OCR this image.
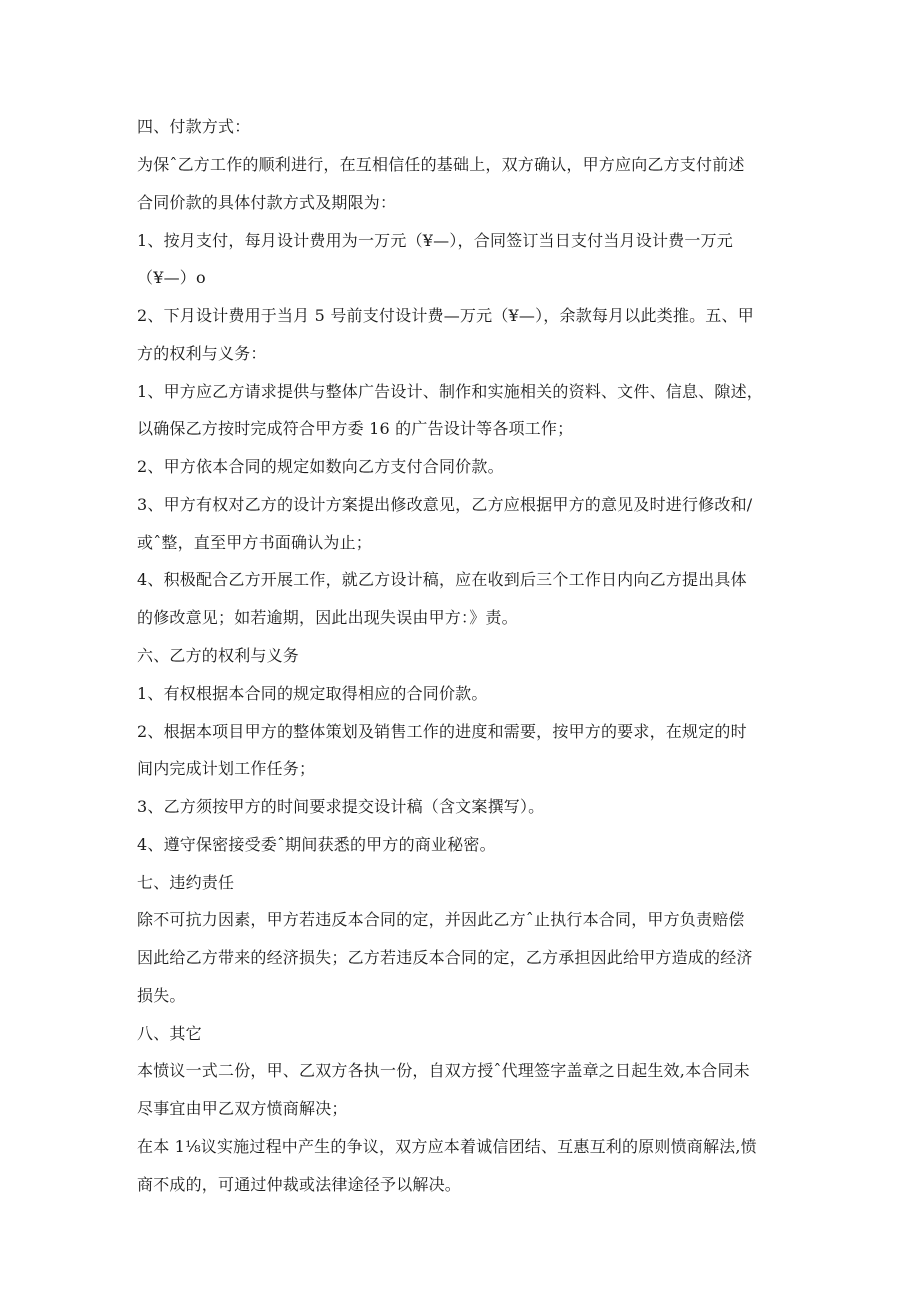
四、付款方式：
为保ˆ乙方工作的顺利进行，在互相信任的基础上，双方确认，甲方应向乙方支付前述
合同价款的具体付款方式及期限为：
1、按月支付，每月设计费用为一万元（¥—），合同签订当日支付当月设计费一万元
（¥—）o
2、下月设计费用于当月 5 号前支付设计费—万元（¥—），余款每月以此类推。五、甲
方的权利与义务：
1、甲方应乙方请求提供与整体广告设计、制作和实施相关的资料、文件、信息、隙述，
以确保乙方按时完成符合甲方委 16 的广告设计等各项工作；
2、甲方依本合同的规定如数向乙方支付合同价款。
3、甲方有权对乙方的设计方案提出修改意见，乙方应根据甲方的意见及时进行修改和/
或ˆ整，直至甲方书面确认为止；
4、积极配合乙方开展工作，就乙方设计稿，应在收到后三个工作日内向乙方提出具体
的修改意见；如若逾期，因此出现失误由甲方：》责。
六、乙方的权利与义务
1、有权根据本合同的规定取得相应的合同价款。
2、根据本项目甲方的整体策划及销售工作的进度和需要，按甲方的要求，在规定的时
间内完成计划工作任务；
3、乙方须按甲方的时间要求提交设计稿（含文案撰写）。
4、遵守保密接受委ˆ期间获悉的甲方的商业秘密。
七、违约责任
除不可抗力因素，甲方若违反本合同的定，并因此乙方ˆ止执行本合同，甲方负责赔偿
因此给乙方带来的经济损失；乙方若违反本合同的定，乙方承担因此给甲方造成的经济
损失。
八、其它
本愤议一式二份，甲、乙双方各执一份，自双方授ˆ代理签字盖章之日起生效,本合同未
尽事宜由甲乙双方愤商解决；
在本 1⅛议实施过程中产生的争议，双方应本着诚信团结、互惠互利的原则愤商解⁠法,愤
商不成的，可通过仲裁或法律途径予以解决。
